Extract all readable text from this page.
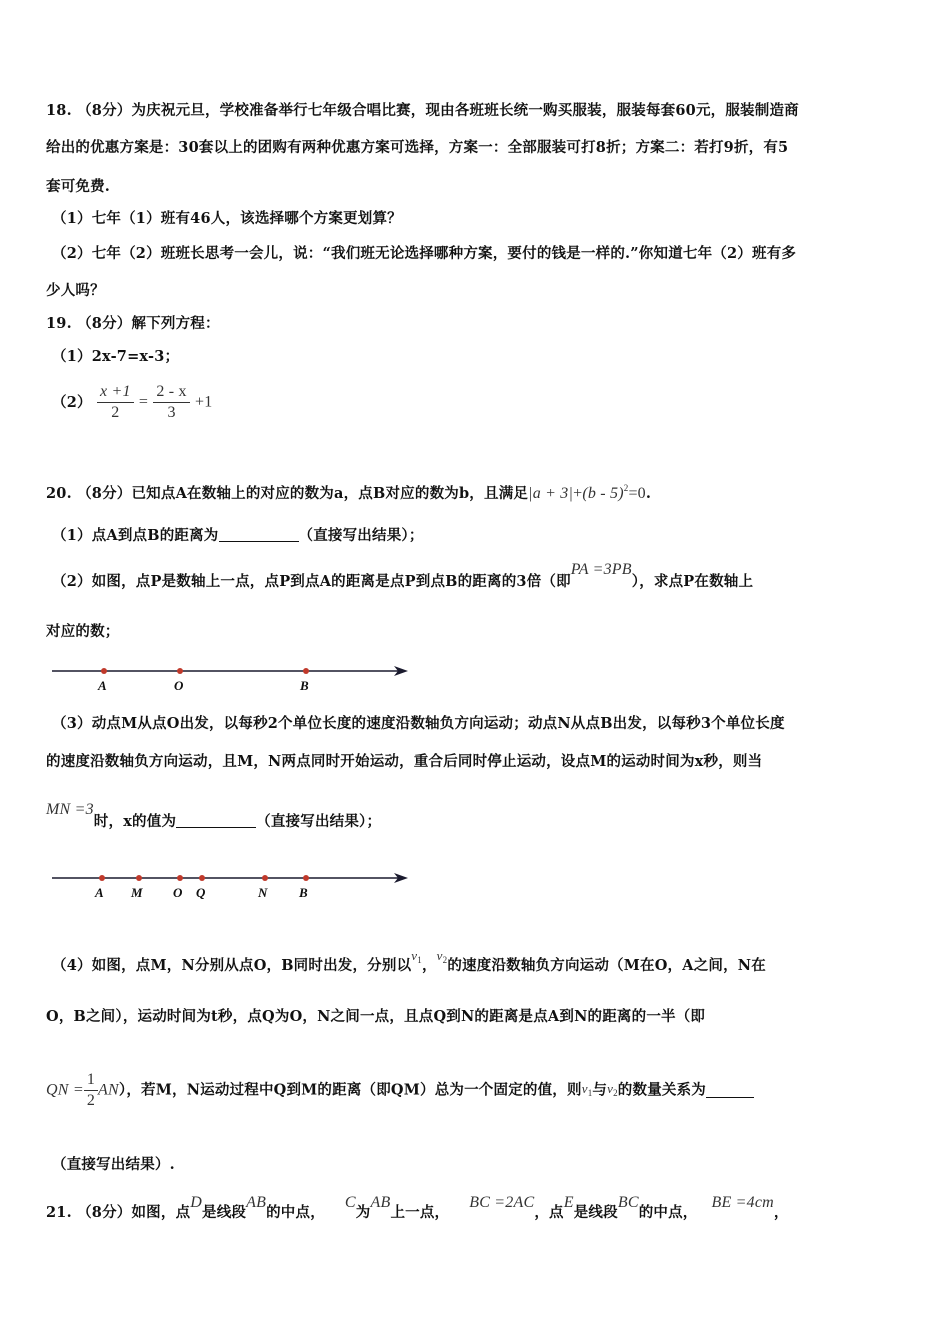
18. （8分）为庆祝元旦，学校准备举行七年级合唱比赛，现由各班班长统一购买服装，服装每套60元，服装制造商
给出的优惠方案是：30套以上的团购有两种优惠方案可选择，方案一：全部服装可打8折；方案二：若打9折，有5
套可免费.
（1）七年（1）班有46人，该选择哪个方案更划算？
（2）七年（2）班班长思考一会儿，说：“我们班无论选择哪种方案，要付的钱是一样的.”你知道七年（2）班有多
少人吗？
19. （8分）解下列方程：
（1）2x-7=x-3；
$(2) \frac{x +1}{2} = \frac{2 - x}{3} +1$
20. （8分）已知点A在数轴上的对应的数为a，点B对应的数为b，且满足|a + 3|+(b - 5)$^2$=0.
（1）点A到点B的距离为	（直接写出结果）；
（2）如图，点P是数轴上一点，点P到点A的距离是点P到点B的距离的3倍（即PA =3PB），求点P在数轴上
对应的数；
A	O	B
（3）动点M从点O出发，以每秒2个单位长度的速度沿数轴负方向运动；动点N从点B出发，以每秒3个单位长度
的速度沿数轴负方向运动，且M，N两点同时开始运动，重合后同时停止运动，设点M的运动时间为x秒，则当
MN =3时，x的值为	（直接写出结果）；
A M O Q	N B
（4）如图，点M，N分别从点O，B同时出发，分别以$v_1$，$v_2$的速度沿数轴负方向运动（M在O，A之间，N在
O，B之间），运动时间为t秒，点Q为O，N之间一点，且点Q到N的距离是点A到N的距离的一半（即
QN = $\frac{1}{2} AN$），若M，N运动过程中Q到M的距离（即QM）总为一个固定的值，则$v_1$与$v_2$的数量关系为
（直接写出结果）.
21. （8分）如图，点D是线段AB的中点，C为AB上一点，BC =2AC，点E是线段BC的中点，BE =4cm，
